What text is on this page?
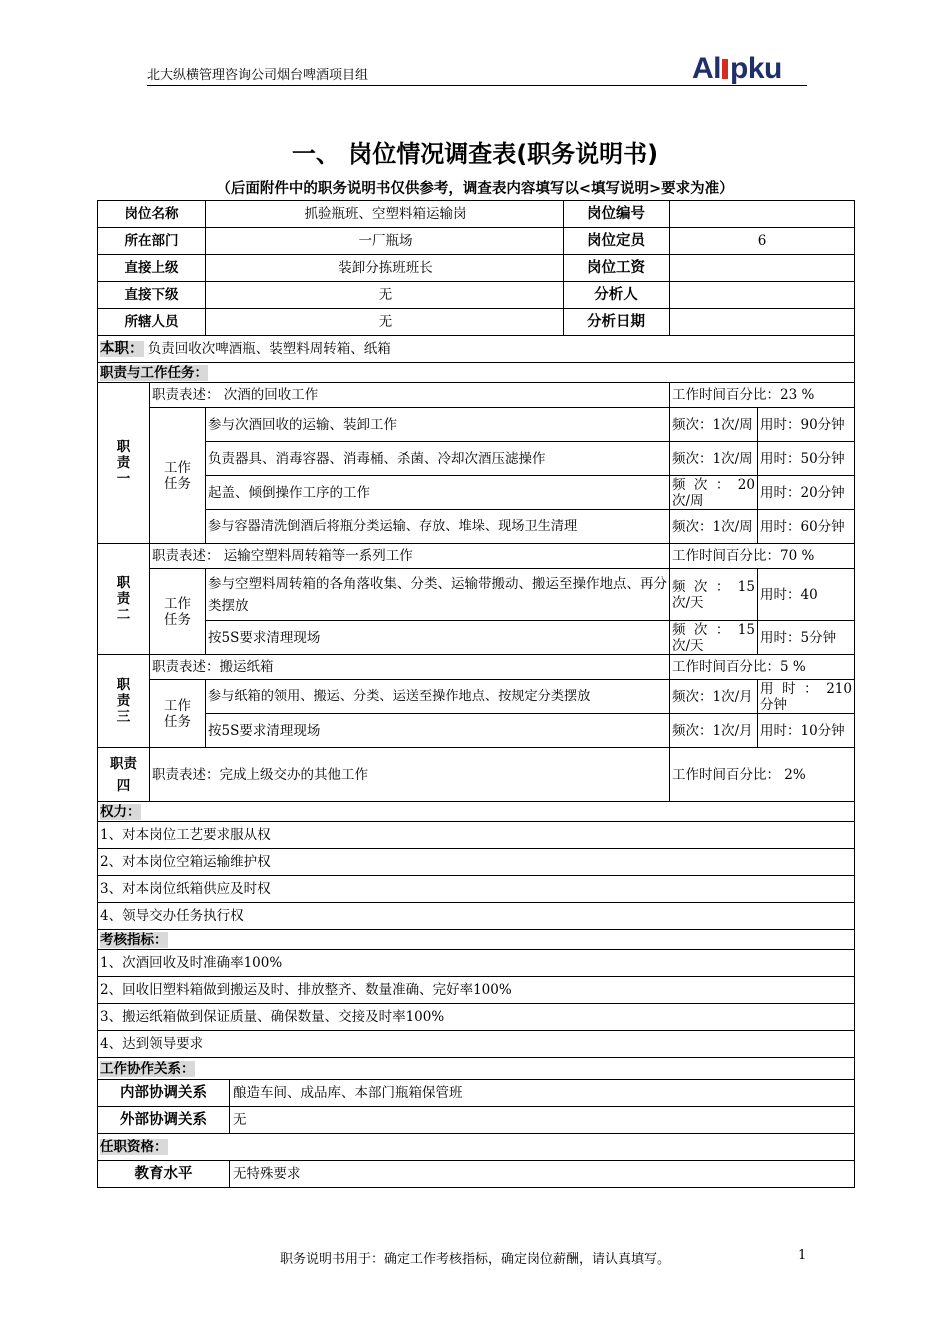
北大纵横管理咨询公司烟台啤酒项目组	Al pku
一、 岗位情况调查表(职务说明书)
（后面附件中的职务说明书仅供参考，调查表内容填写以<填写说明>要求为准）
岗位名称		抓验瓶班、空塑料箱运输岗 岗位编号		

所在部门		一厂瓶场 岗位定员	6	
直接上级		装卸分拣班班长 岗位工资		

直接下级		无 分析人		

所辖人员		无 分析日期		

本职： 负责回收次啤酒瓶、装塑料周转箱、纸箱				
职责与工作任务：				
职
责
一	职责表述： 次酒的回收工作		工作时间百分比：23 %	
	工作
任务	参与次酒回收的运输、装卸工作	频次：1次/周	用时：90分钟
		负责器具、消毒容器、消毒桶、杀菌、冷却次酒压滤操作	频次：1次/周	用时：50分钟
		起盖、倾倒操作工序的工作	频 次 ： 20次/周	用时：20分钟
		参与容器清洗倒酒后将瓶分类运输、存放、堆垛、现场卫生清理	频次：1次/周	用时：60分钟
职
责
二	职责表述： 运输空塑料周转箱等一系列工作		工作时间百分比：70 %	
	工作
任务	参与空塑料周转箱的各角落收集、分类、运输带搬动、搬运至操作地点、再分类摆放	频 次 ： 15次/天	用时：40
		按5S要求清理现场	频 次 ： 15次/天	用时：5分钟
职
责
三	职责表述：搬运纸箱		工作时间百分比：5 %	
	工作
任务	参与纸箱的领用、搬运、分类、运送至操作地点、按规定分类摆放	频次：1次/月	用 时 ： 210分钟
		按5S要求清理现场	频次：1次/月	用时：10分钟
职责
四	职责表述：完成上级交办的其他工作		工作时间百分比： 2%	
权力：				
1、对本岗位工艺要求服从权				
2、对本岗位空箱运输维护权				
3、对本岗位纸箱供应及时权				
4、领导交办任务执行权				
考核指标：				
1、次酒回收及时准确率100%				
2、回收旧塑料箱做到搬运及时、排放整齐、数量准确、完好率100%				
3、搬运纸箱做到保证质量、确保数量、交接及时率100%				
4、达到领导要求				
工作协作关系：				

内部协调关系 酿造车间、成品库、本部门瓶箱保管班				

外部协调关系 无				

任职资格：				

教育水平 无特殊要求				
职务说明书用于：确定工作考核指标，确定岗位薪酬，请认真填写。	1
